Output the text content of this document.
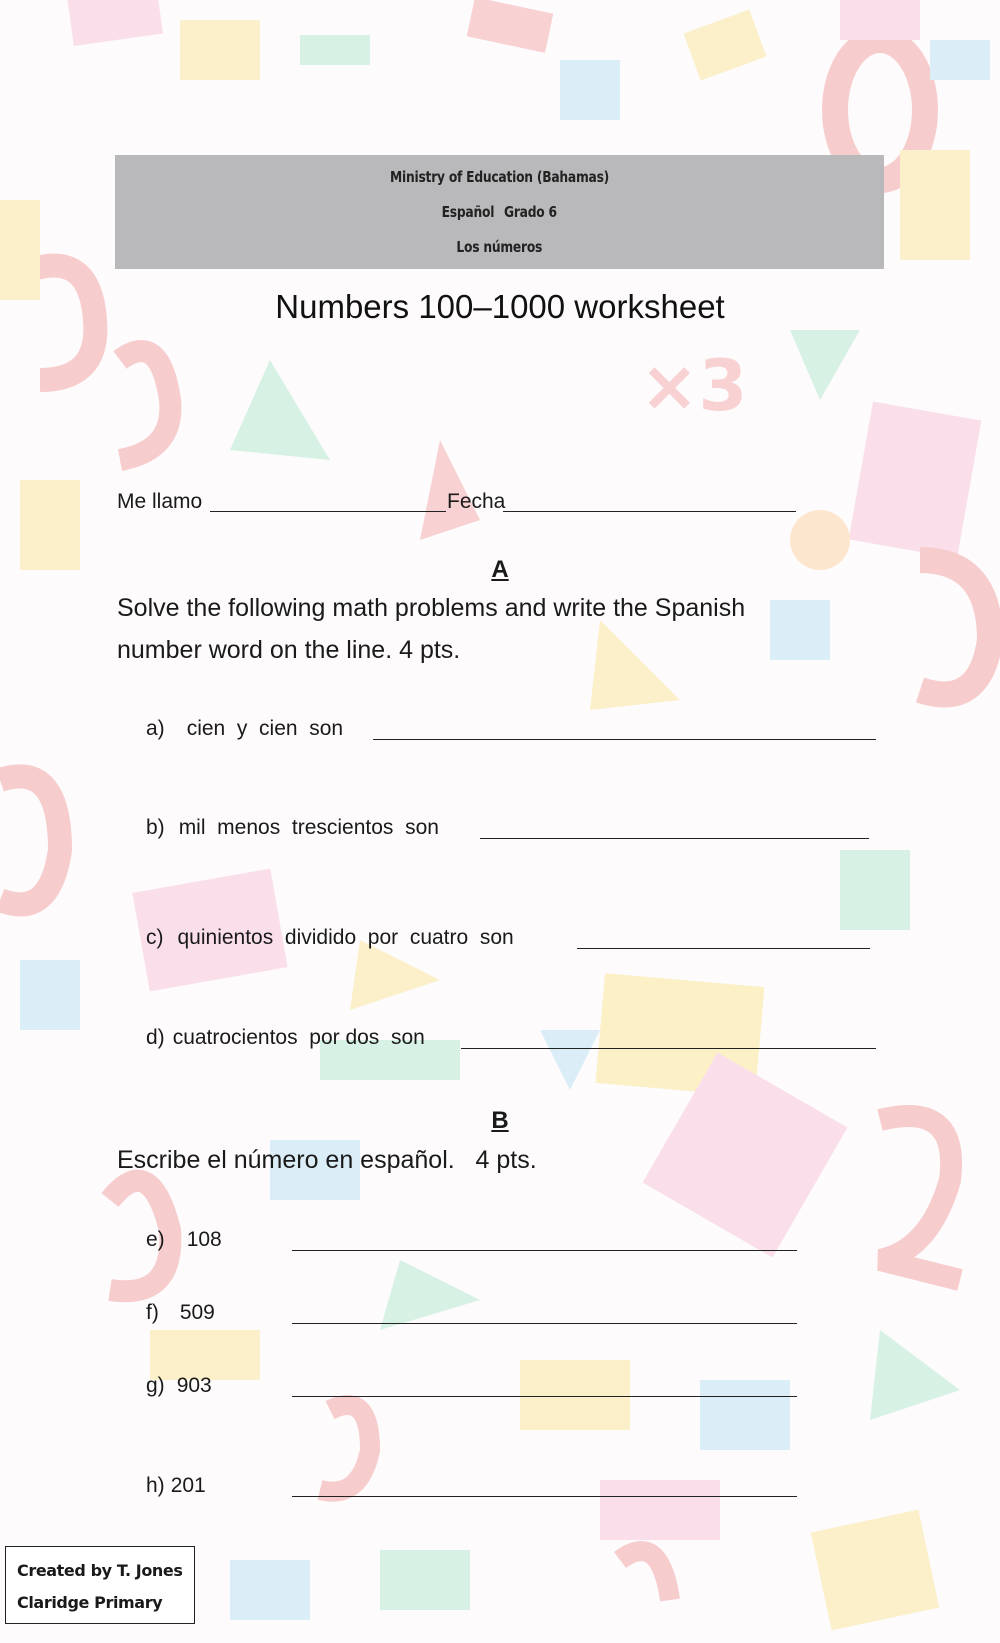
×3
Ministry of Education (Bahamas)
Español Grado 6
Los números
Numbers 100–1000 worksheet
Me llamo	Fecha
A
Solve the following math problems and write the Spanish
number word on the line. 4 pts.
a) cien  y  cien  son
b) mil  menos  trescientos  son
c) quinientos  dividido  por  cuatro  son
d) cuatrocientos  por dos  son
B
Escribe el número en español.   4 pts.
e) 108
f) 509
g) 903
h) 201
Created by T. Jones
Claridge Primary
